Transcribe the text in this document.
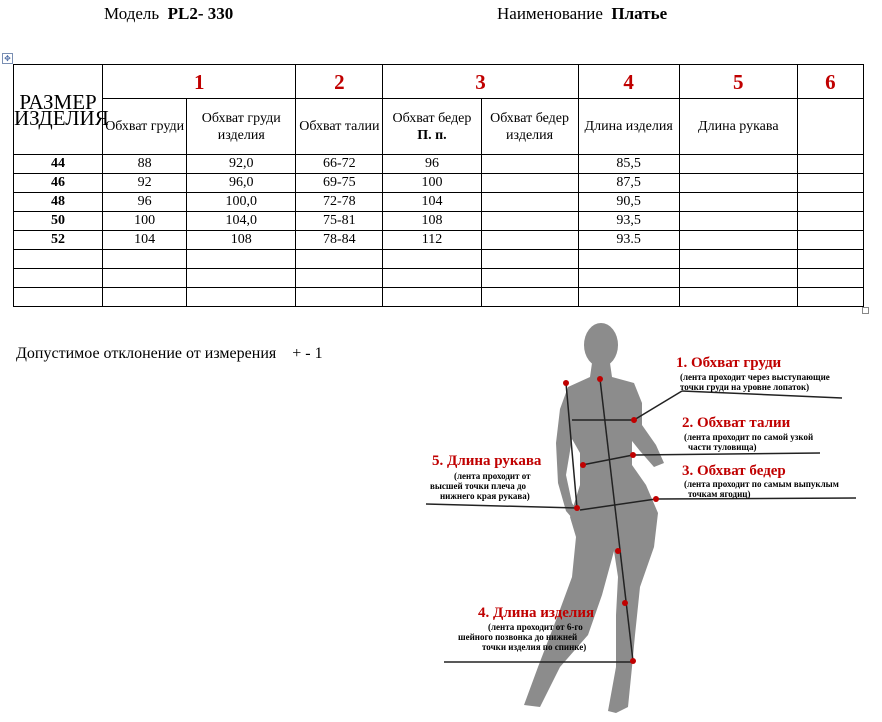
Модель PL2- 330	Наименование Платье
✥
РАЗМЕР ИЗДЕЛИЯ	1		2	3		4	5	6
	Обхват груди	Обхват груди изделия	Обхват талии	Обхват бедер
П. п.	Обхват бедер изделия	Длина изделия	Длина рукава	
44	88	92,0	66-72	96		85,5		
46	92	96,0	69-75	100		87,5		
48	96	100,0	72-78	104		90,5		
50	100	104,0	75-81	108		93,5		
52	104	108	78-84	112		93.5		

Допустимое отклонение от измерения + - 1
1. Обхват груди
(лента проходит через выступающие
точки груди на уровне лопаток)
2. Обхват талии
(лента проходит по самой узкой
части туловища)
3. Обхват бедер
(лента проходит по самым выпуклым
точкам ягодиц)
5. Длина рукава
(лента проходит от
высшей точки плеча до
нижнего края рукава)
4. Длина изделия
(лента проходит от 6-го
шейного позвонка до нижней
точки изделия по спинке)
